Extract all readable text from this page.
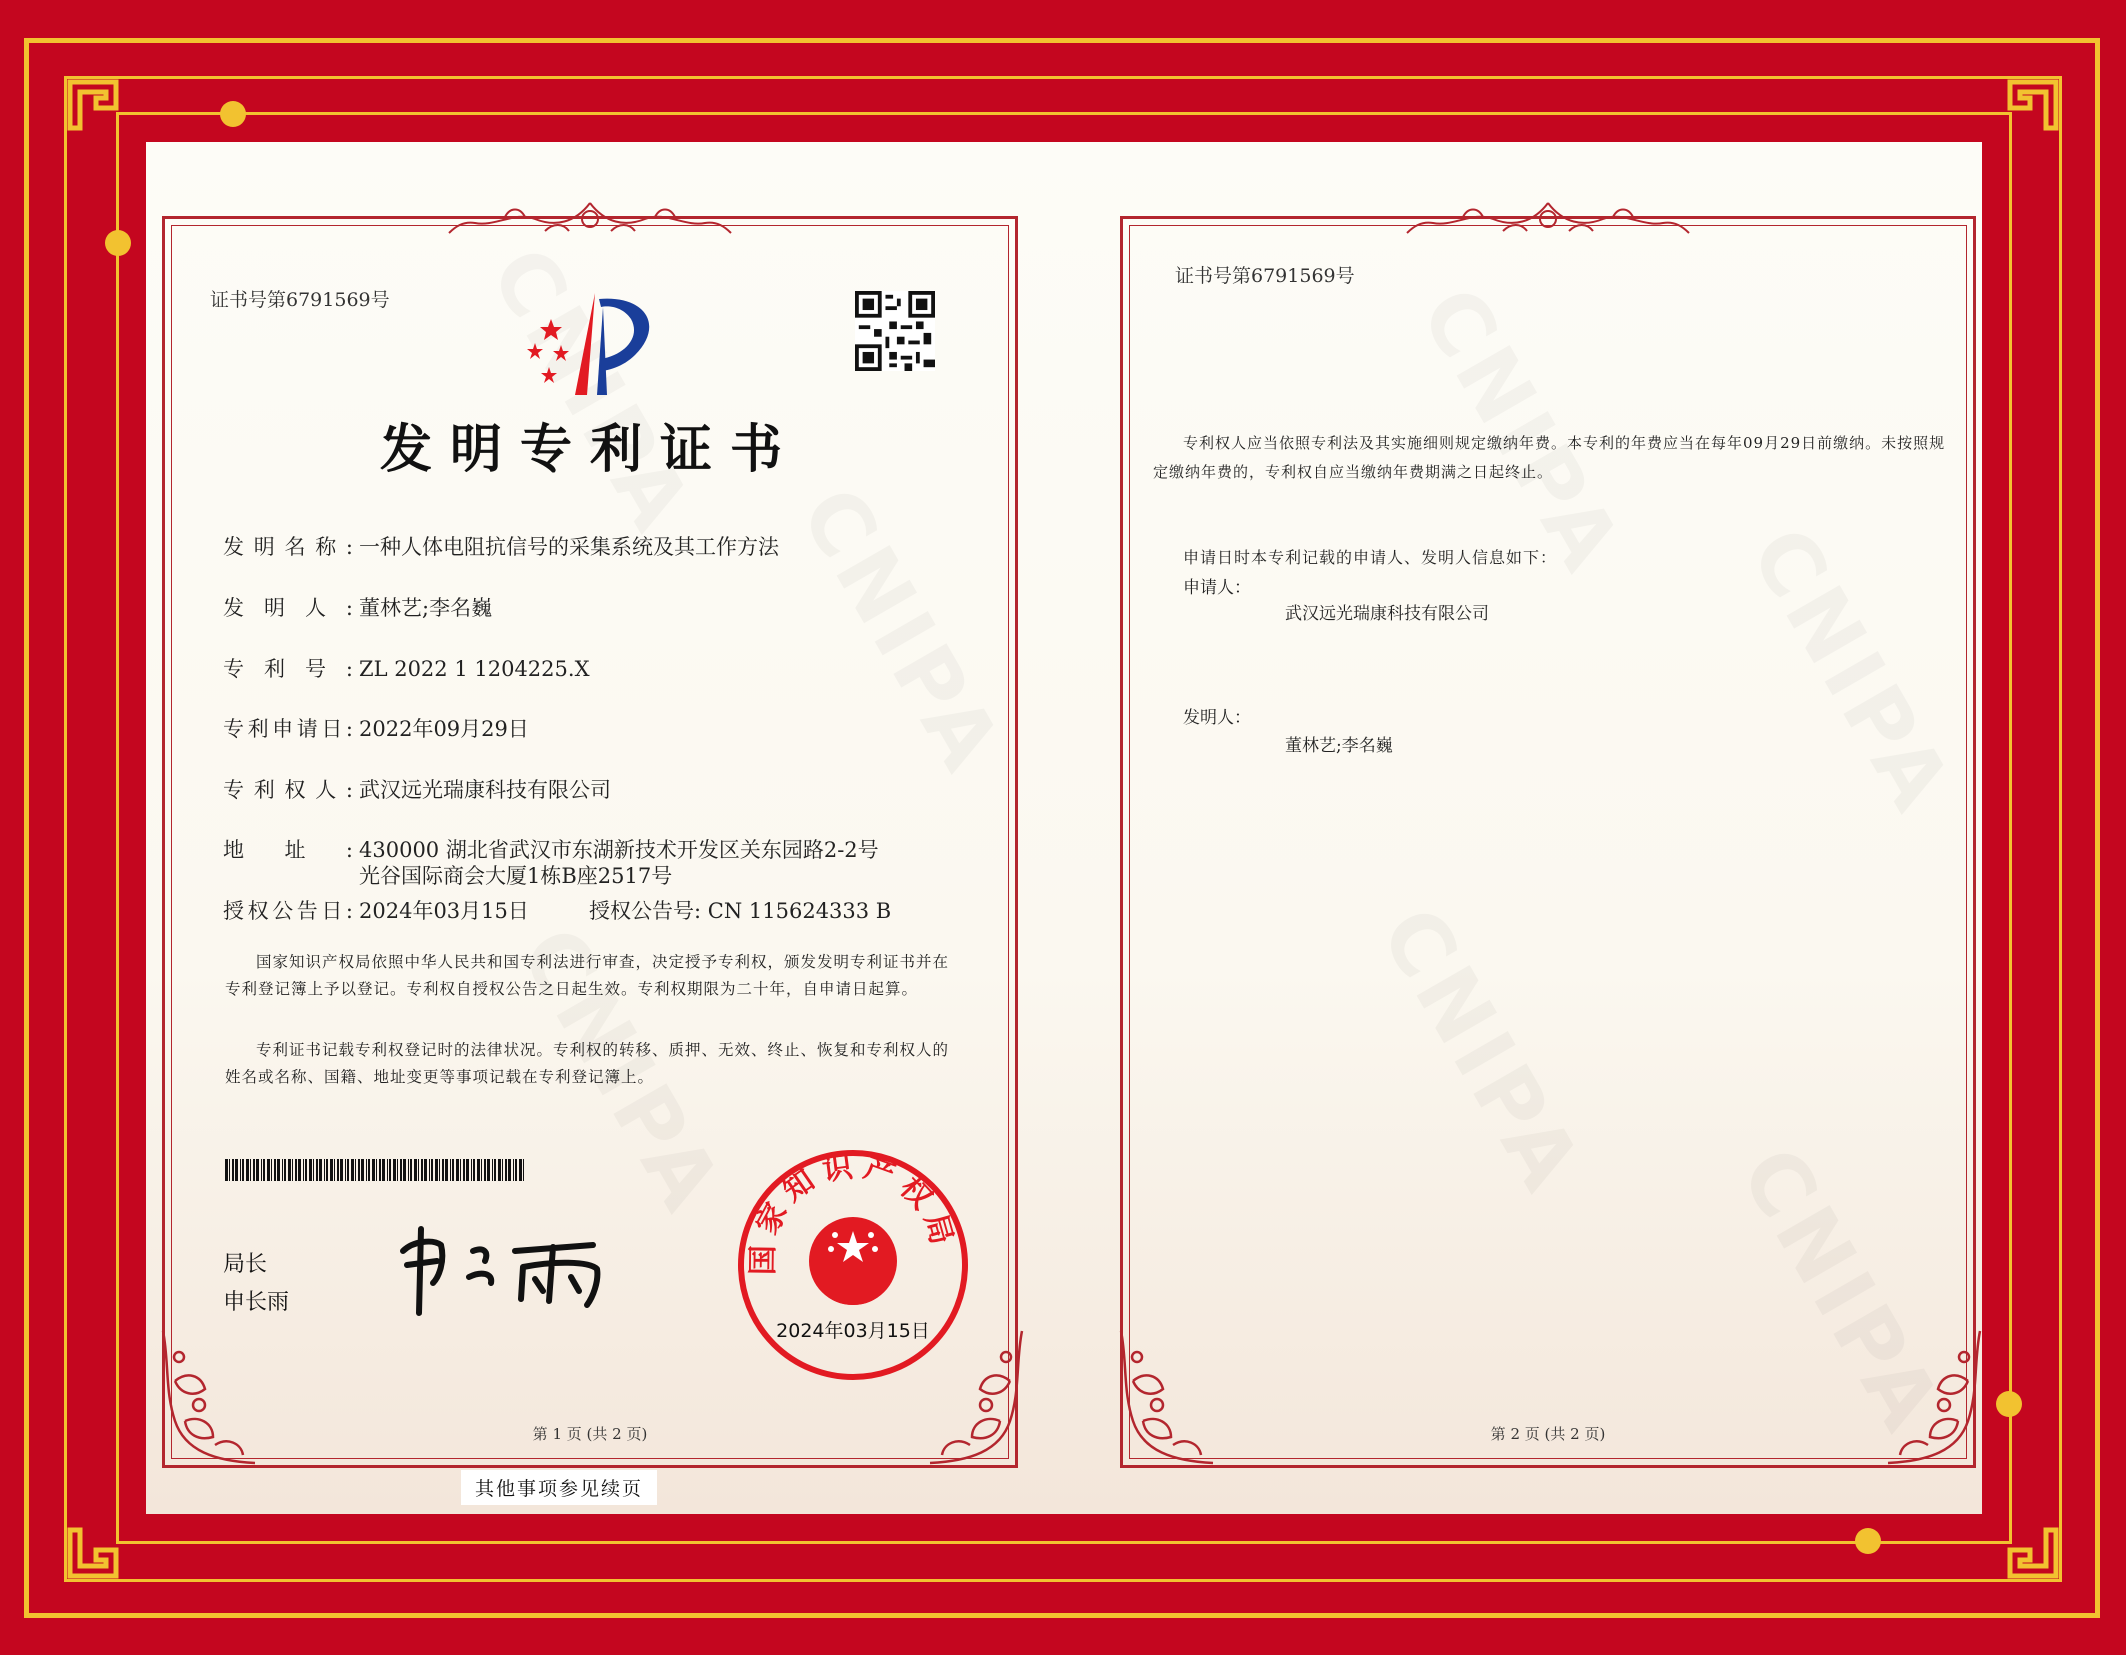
证书号第6791569号
发明专利证书
发明名称: 一种人体电阻抗信号的采集系统及其工作方法
发明人: 董林艺;李名巍
专利号: ZL 2022 1 1204225.X
专利申请日: 2022年09月29日
专利权人: 武汉远光瑞康科技有限公司
地址: 430000 湖北省武汉市东湖新技术开发区关东园路2-2号
光谷国际商会大厦1栋B座2517号
授权公告日: 2024年03月15日	授权公告号: CN 115624333 B
国家知识产权局依照中华人民共和国专利法进行审查，决定授予专利权，颁发发明专利证书并在专利登记簿上予以登记。专利权自授权公告之日起生效。专利权期限为二十年，自申请日起算。
专利证书记载专利权登记时的法律状况。专利权的转移、质押、无效、终止、恢复和专利权人的姓名或名称、国籍、地址变更等事项记载在专利登记簿上。
局长
申长雨
国家知识产权局
2024年03月15日
第 1 页 (共 2 页)
其他事项参见续页
证书号第6791569号
专利权人应当依照专利法及其实施细则规定缴纳年费。本专利的年费应当在每年09月29日前缴纳。未按照规定缴纳年费的，专利权自应当缴纳年费期满之日起终止。
申请日时本专利记载的申请人、发明人信息如下：
申请人：
武汉远光瑞康科技有限公司
发明人：
董林艺;李名巍
第 2 页 (共 2 页)
